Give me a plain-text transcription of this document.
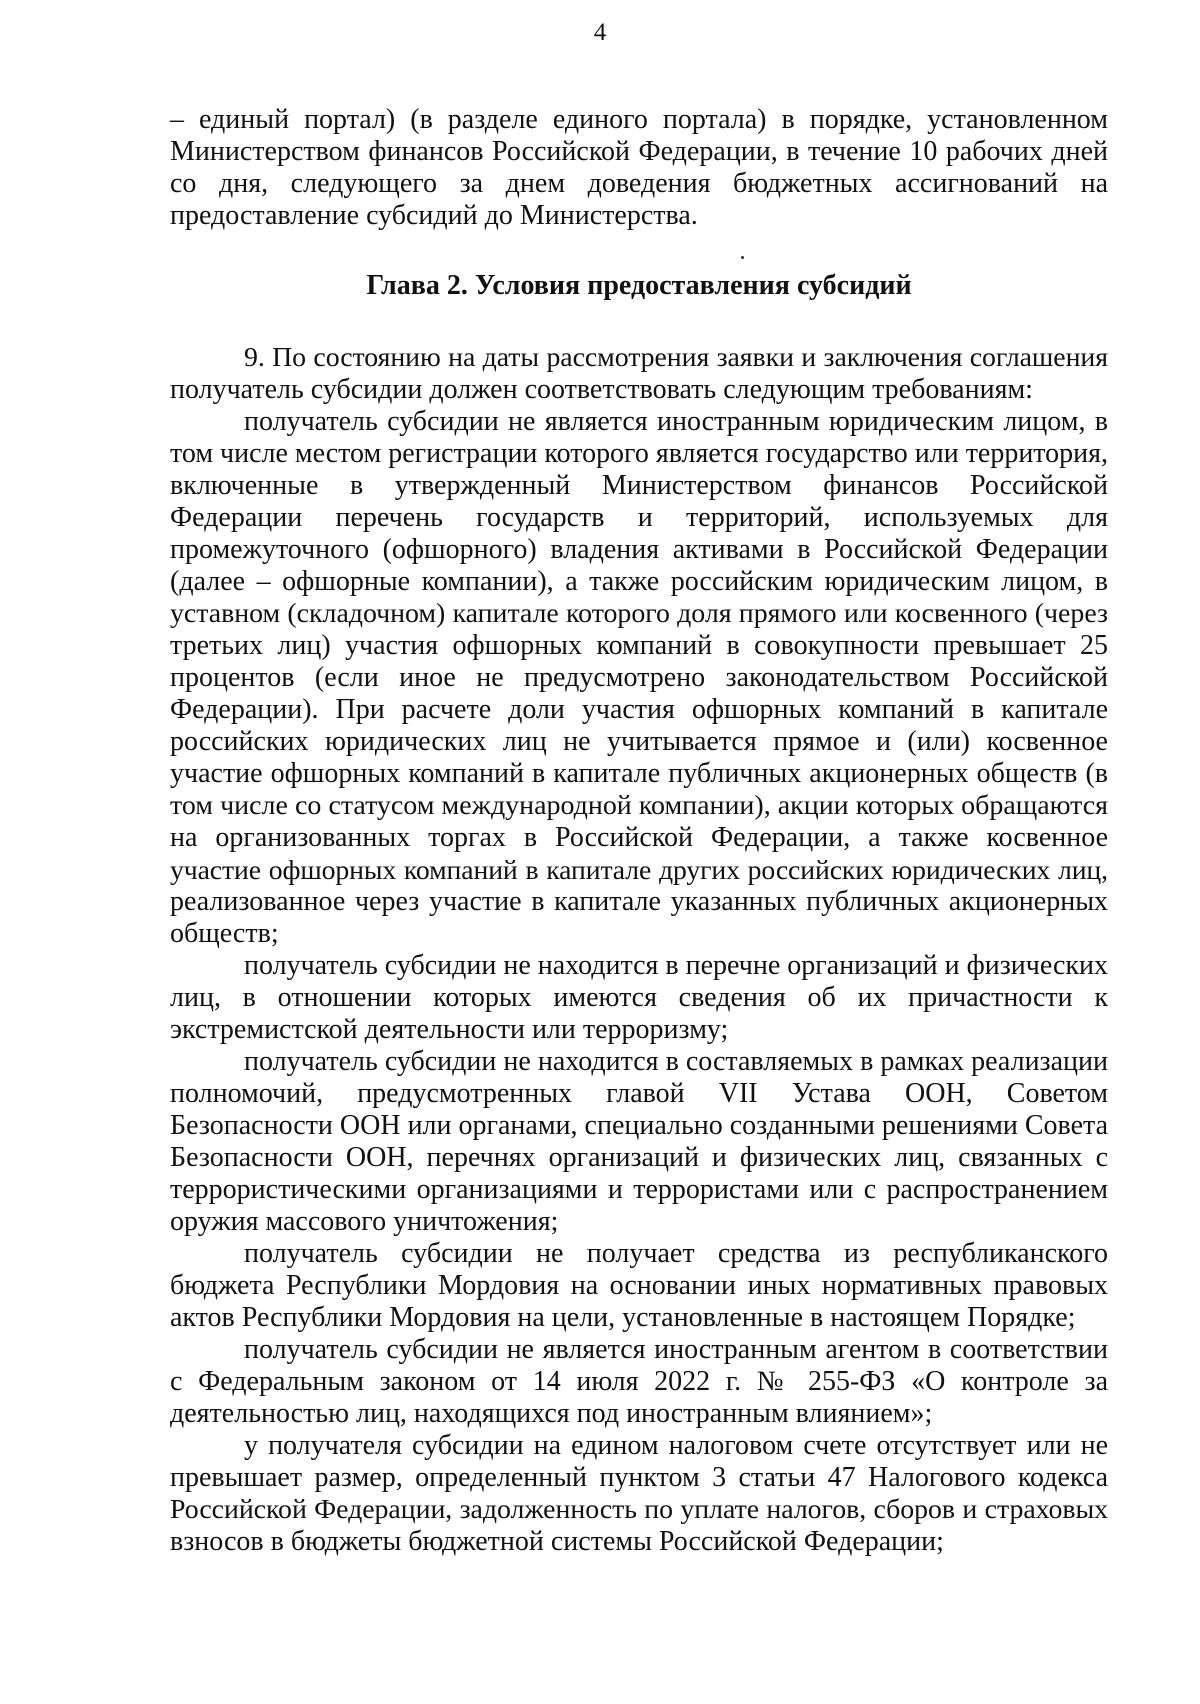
4

– единый портал) (в разделе единого портала) в порядке, установленном
Министерством финансов Российской Федерации, в течение 10 рабочих дней
со дня, следующего за днем доведения бюджетных ассигнований на
предоставление субсидий до Министерства.

Глава 2. Условия предоставления субсидий

9. По состоянию на даты рассмотрения заявки и заключения соглашения
получатель субсидии должен соответствовать следующим требованиям:

получатель субсидии не является иностранным юридическим лицом, в
том числе местом регистрации которого является государство или территория,
включенные в утвержденный Министерством финансов Российской
Федерации перечень государств и территорий, используемых для
промежуточного (офшорного) владения активами в Российской Федерации
(далее – офшорные компании), а также российским юридическим лицом, в
уставном (складочном) капитале которого доля прямого или косвенного (через
третьих лиц) участия офшорных компаний в совокупности превышает 25
процентов (если иное не предусмотрено законодательством Российской
Федерации). При расчете доли участия офшорных компаний в капитале
российских юридических лиц не учитывается прямое и (или) косвенное
участие офшорных компаний в капитале публичных акционерных обществ (в
том числе со статусом международной компании), акции которых обращаются
на организованных торгах в Российской Федерации, а также косвенное
участие офшорных компаний в капитале других российских юридических лиц,
реализованное через участие в капитале указанных публичных акционерных
обществ;

получатель субсидии не находится в перечне организаций и физических
лиц, в отношении которых имеются сведения об их причастности к
экстремистской деятельности или терроризму;

получатель субсидии не находится в составляемых в рамках реализации
полномочий, предусмотренных главой VII Устава ООН, Советом
Безопасности ООН или органами, специально созданными решениями Совета
Безопасности ООН, перечнях организаций и физических лиц, связанных с
террористическими организациями и террористами или с распространением
оружия массового уничтожения;

получатель субсидии не получает средства из республиканского
бюджета Республики Мордовия на основании иных нормативных правовых
актов Республики Мордовия на цели, установленные в настоящем Порядке;

получатель субсидии не является иностранным агентом в соответствии
с Федеральным законом от 14 июля 2022 г. № 255-ФЗ «О контроле за
деятельностью лиц, находящихся под иностранным влиянием»;

у получателя субсидии на едином налоговом счете отсутствует или не
превышает размер, определенный пунктом 3 статьи 47 Налогового кодекса
Российской Федерации, задолженность по уплате налогов, сборов и страховых
взносов в бюджеты бюджетной системы Российской Федерации;
